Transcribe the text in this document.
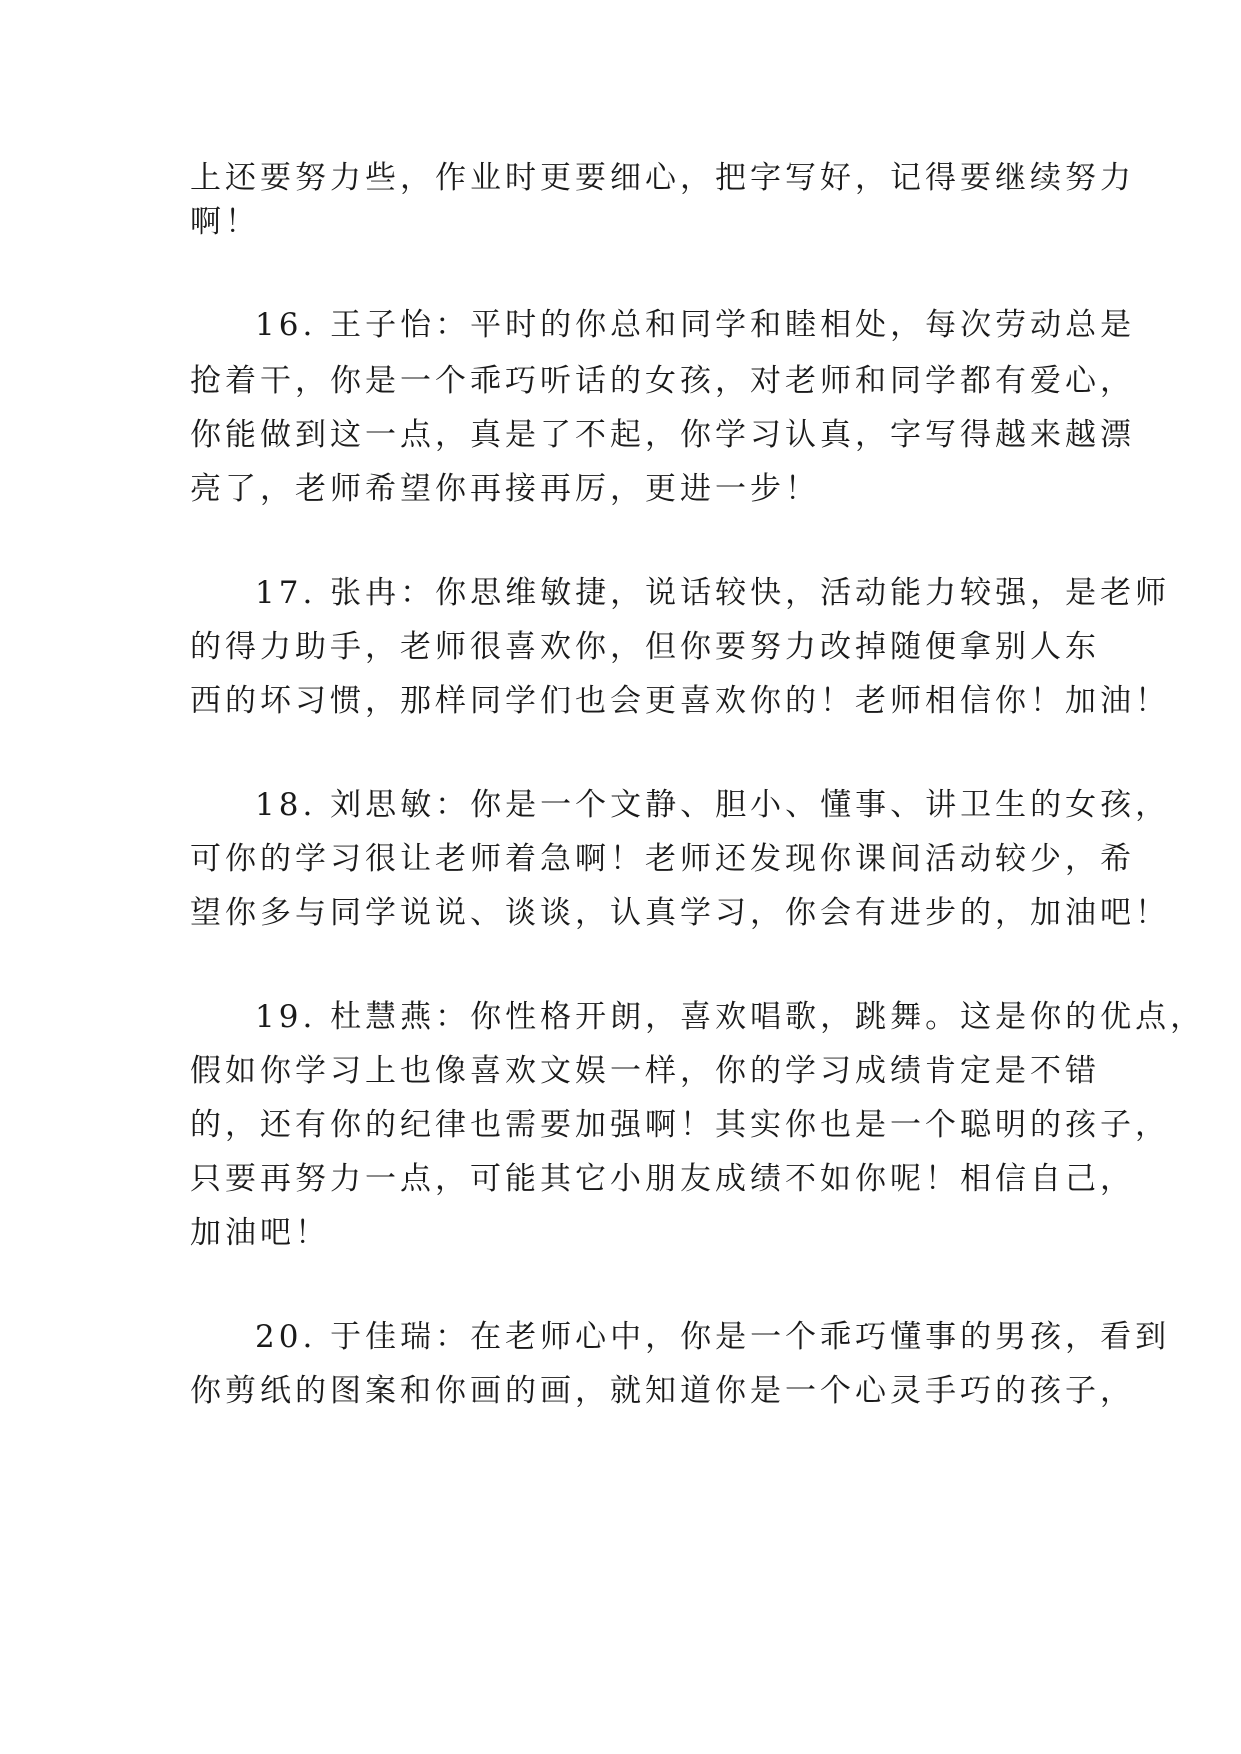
上还要努力些，作业时更要细心，把字写好，记得要继续努力
啊！
16. 王子怡：平时的你总和同学和睦相处，每次劳动总是
抢着干，你是一个乖巧听话的女孩，对老师和同学都有爱心，
你能做到这一点，真是了不起，你学习认真，字写得越来越漂
亮了，老师希望你再接再厉，更进一步！
17. 张冉：你思维敏捷，说话较快，活动能力较强，是老师
的得力助手，老师很喜欢你，但你要努力改掉随便拿别人东
西的坏习惯，那样同学们也会更喜欢你的！老师相信你！加油！
18. 刘思敏：你是一个文静、胆小、懂事、讲卫生的女孩，
可你的学习很让老师着急啊！老师还发现你课间活动较少，希
望你多与同学说说、谈谈，认真学习，你会有进步的，加油吧！
19. 杜慧燕：你性格开朗，喜欢唱歌，跳舞。这是你的优点，
假如你学习上也像喜欢文娱一样，你的学习成绩肯定是不错
的，还有你的纪律也需要加强啊！其实你也是一个聪明的孩子，
只要再努力一点，可能其它小朋友成绩不如你呢！相信自己，
加油吧！
20. 于佳瑞：在老师心中，你是一个乖巧懂事的男孩，看到
你剪纸的图案和你画的画，就知道你是一个心灵手巧的孩子，
